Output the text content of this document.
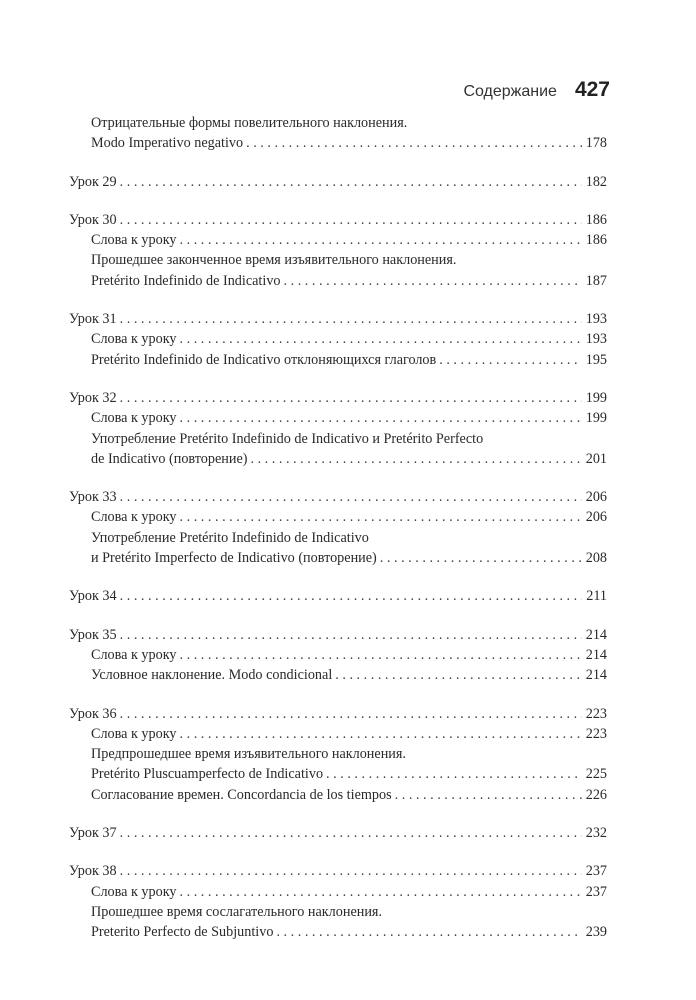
Содержание 427
Отрицательные формы повелительного наклонения.
Modo Imperativo negativo . . .	178
Урок 29 . . .	182
Урок 30 . . .	186
Слова к уроку . . .	186
Прошедшее законченное время изъявительного наклонения.
Pretérito Indefinido de Indicativo . . .	187
Урок 31 . . .	193
Слова к уроку . . .	193
Pretérito Indefinido de Indicativo отклоняющихся глаголов . . .	195
Урок 32 . . .	199
Слова к уроку . . .	199
Употребление Pretérito Indefinido de Indicativo и Pretérito Perfecto
de Indicativo (повторение) . . .	201
Урок 33 . . .	206
Слова к уроку . . .	206
Употребление Pretérito Indefinido de Indicativo
и Pretérito Imperfecto de Indicativo (повторение) . . .	208
Урок 34 . . .	211
Урок 35 . . .	214
Слова к уроку . . .	214
Условное наклонение. Modo condicional . . .	214
Урок 36 . . .	223
Слова к уроку . . .	223
Предпрошедшее время изъявительного наклонения.
Pretérito Pluscuamperfecto de Indicativo . . .	225
Согласование времен. Concordancia de los tiempos . . .	226
Урок 37 . . .	232
Урок 38 . . .	237
Слова к уроку . . .	237
Прошедшее время сослагательного наклонения.
Preterito Perfecto de Subjuntivo . . .	239
